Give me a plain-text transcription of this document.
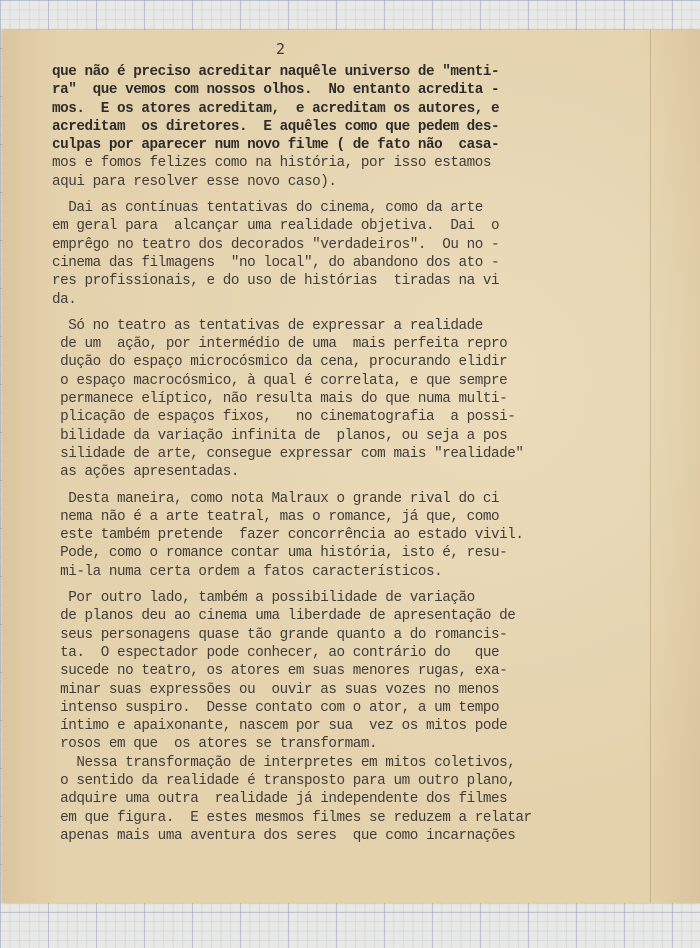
2
que não é preciso acreditar naquêle universo de "menti-
ra"  que vemos com nossos olhos.  No entanto acredita -
mos.  E os atores acreditam,  e acreditam os autores, e
acreditam  os diretores.  E aquêles como que pedem des-
culpas por aparecer num novo filme ( de fato não  casa-
mos e fomos felizes como na história, por isso estamos
aqui para resolver esse novo caso).
Dai as contínuas tentativas do cinema, como da arte
em geral para  alcançar uma realidade objetiva.  Dai  o
emprêgo no teatro dos decorados "verdadeiros".  Ou no -
cinema das filmagens  "no local", do abandono dos ato -
res profissionais, e do uso de histórias  tiradas na vi
da.
Só no teatro as tentativas de expressar a realidade
de um  ação, por intermédio de uma  mais perfeita repro
dução do espaço microcósmico da cena, procurando elidir
o espaço macrocósmico, à qual é correlata, e que sempre
permanece elíptico, não resulta mais do que numa multi-
plicação de espaços fixos,   no cinematografia  a possi-
bilidade da variação infinita de  planos, ou seja a pos
silidade de arte, consegue expressar com mais "realidade"
as ações apresentadas.
Desta maneira, como nota Malraux o grande rival do ci
nema não é a arte teatral, mas o romance, já que, como
este também pretende  fazer concorrência ao estado vivil.
Pode, como o romance contar uma história, isto é, resu-
mi-la numa certa ordem a fatos característicos.
Por outro lado, também a possibilidade de variação
de planos deu ao cinema uma liberdade de apresentação de
seus personagens quase tão grande quanto a do romancis-
ta.  O espectador pode conhecer, ao contrário do   que
sucede no teatro, os atores em suas menores rugas, exa-
minar suas expressões ou  ouvir as suas vozes no menos
intenso suspiro.  Desse contato com o ator, a um tempo
íntimo e apaixonante, nascem por sua  vez os mitos pode
rosos em que  os atores se transformam.
Nessa transformação de interpretes em mitos coletivos,
o sentido da realidade é transposto para um outro plano,
adquire uma outra  realidade já independente dos filmes
em que figura.  E estes mesmos filmes se reduzem a relatar
apenas mais uma aventura dos seres  que como incarnações
